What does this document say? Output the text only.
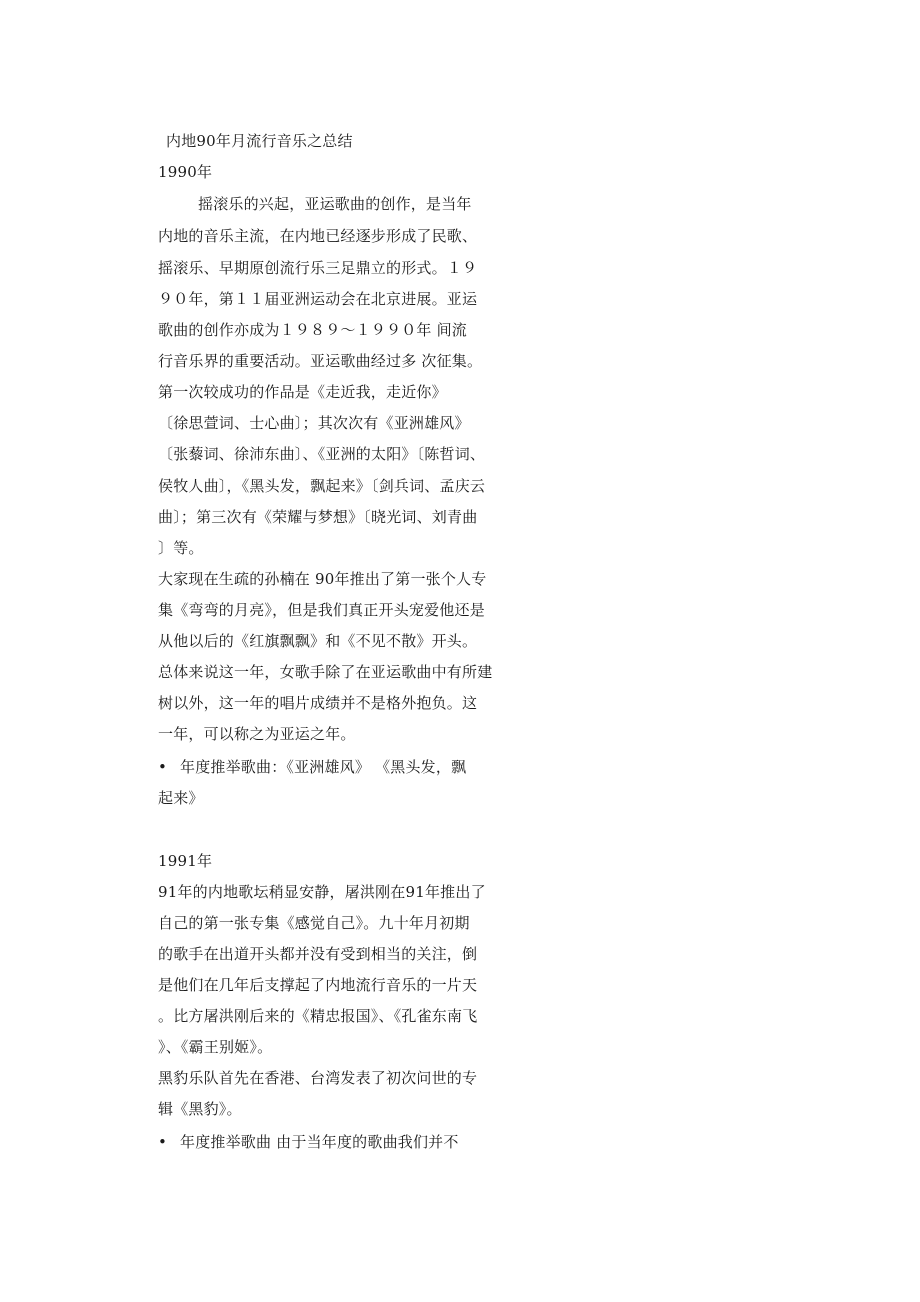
内地90年月流行音乐之总结
1990年
摇滚乐的兴起，亚运歌曲的创作，是当年
内地的音乐主流，在内地已经逐步形成了民歌、
摇滚乐、早期原创流行乐三足鼎立的形式。１９
９０年，第１１届亚洲运动会在北京进展。亚运
歌曲的创作亦成为１９８９～１９９０年 间流
行音乐界的重要活动。亚运歌曲经过多 次征集。
第一次较成功的作品是《走近我，走近你》
〔徐思萱词、士心曲〕；其次次有《亚洲雄风》
〔张藜词、徐沛东曲〕、《亚洲的太阳》〔陈哲词、
侯牧人曲〕，《黑头发，飘起来》〔剑兵词、孟庆云
曲〕；第三次有《荣耀与梦想》〔晓光词、刘青曲
〕等。
大家现在生疏的孙楠在 90年推出了第一张个人专
集《弯弯的月亮》，但是我们真正开头宠爱他还是
从他以后的《红旗飘飘》和《不见不散》开头。
总体来说这一年，女歌手除了在亚运歌曲中有所建
树以外，这一年的唱片成绩并不是格外抱负。这
一年，可以称之为亚运之年。
• 年度推举歌曲：《亚洲雄风》 《黑头发，飘
起来》
1991年
91年的内地歌坛稍显安静，屠洪刚在91年推出了
自己的第一张专集《感觉自己》。九十年月初期
的歌手在出道开头都并没有受到相当的关注，倒
是他们在几年后支撑起了内地流行音乐的一片天
。比方屠洪刚后来的《精忠报国》、《孔雀东南飞
》、《霸王别姬》。
黑豹乐队首先在香港、台湾发表了初次问世的专
辑《黑豹》。
• 年度推举歌曲 由于当年度的歌曲我们并不
